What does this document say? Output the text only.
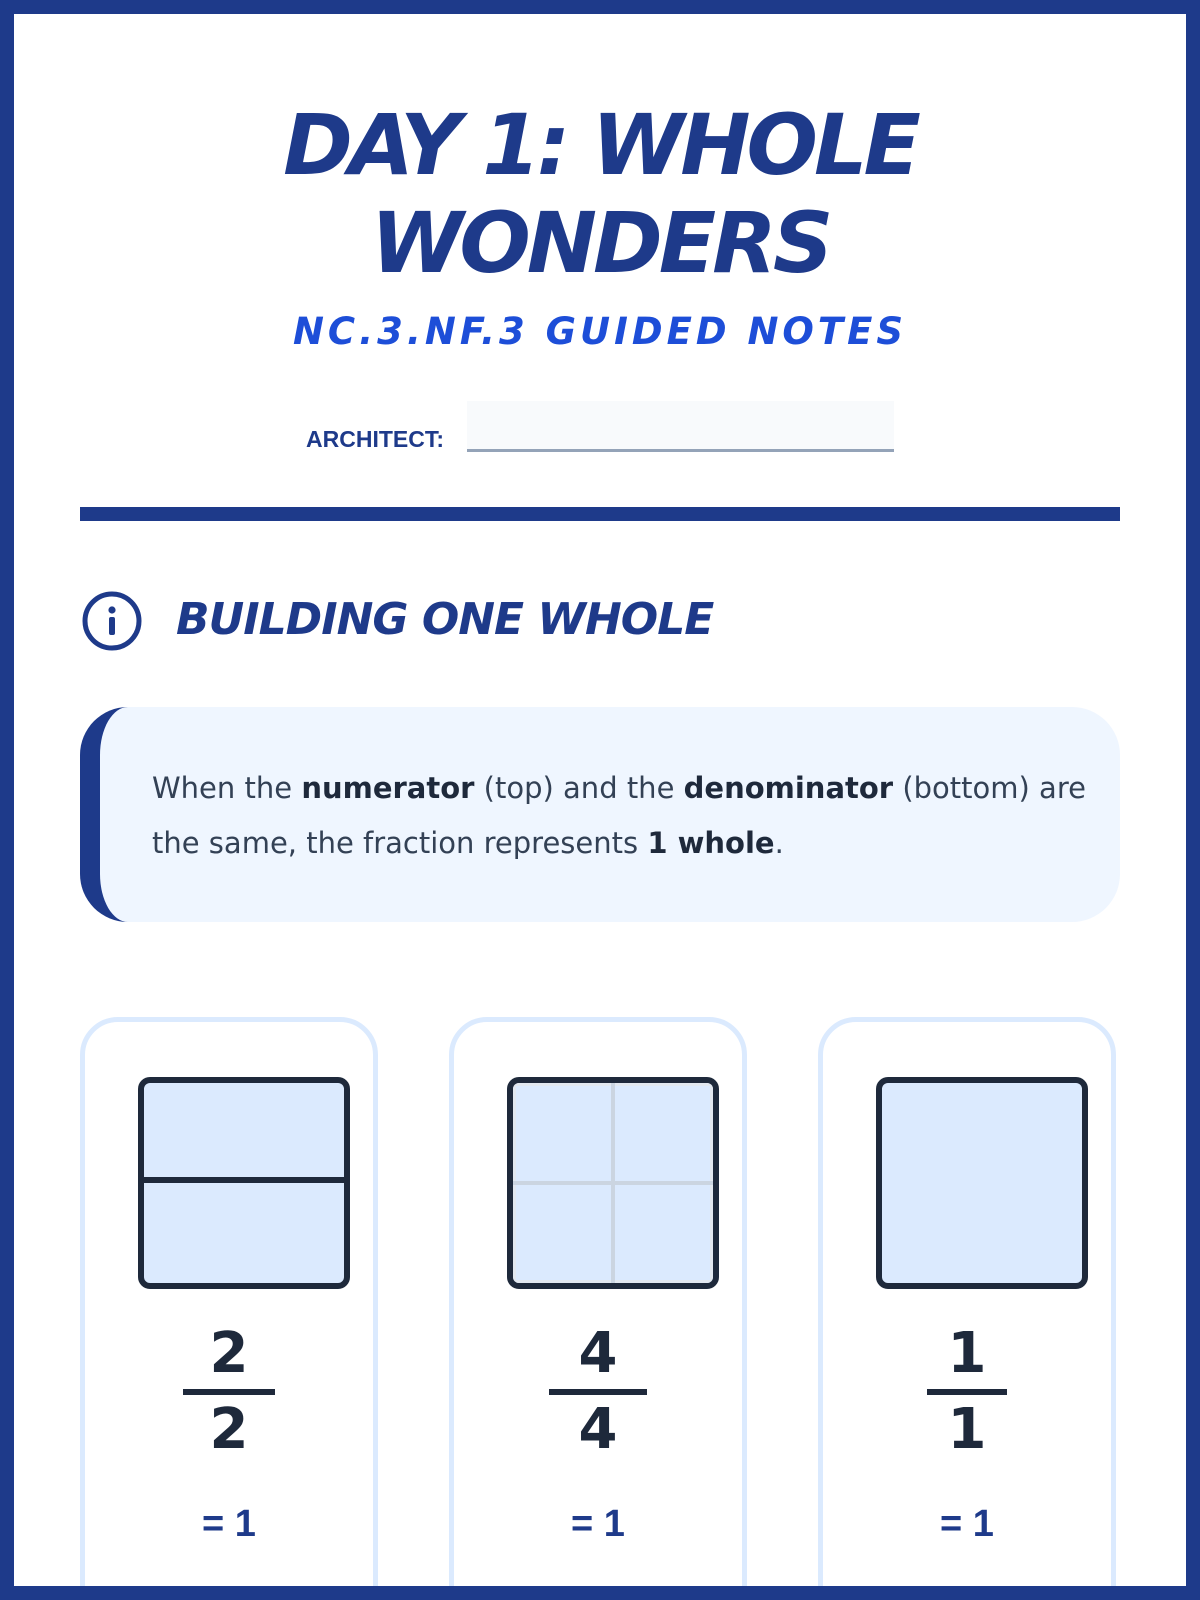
DAY 1: WHOLE
WONDERS
NC.3.NF.3 GUIDED NOTES
ARCHITECT:
BUILDING ONE WHOLE
When the numerator (top) and the denominator (bottom) are the same, the fraction represents 1 whole.
2
2
= 1
4
4
= 1
1
1
= 1
